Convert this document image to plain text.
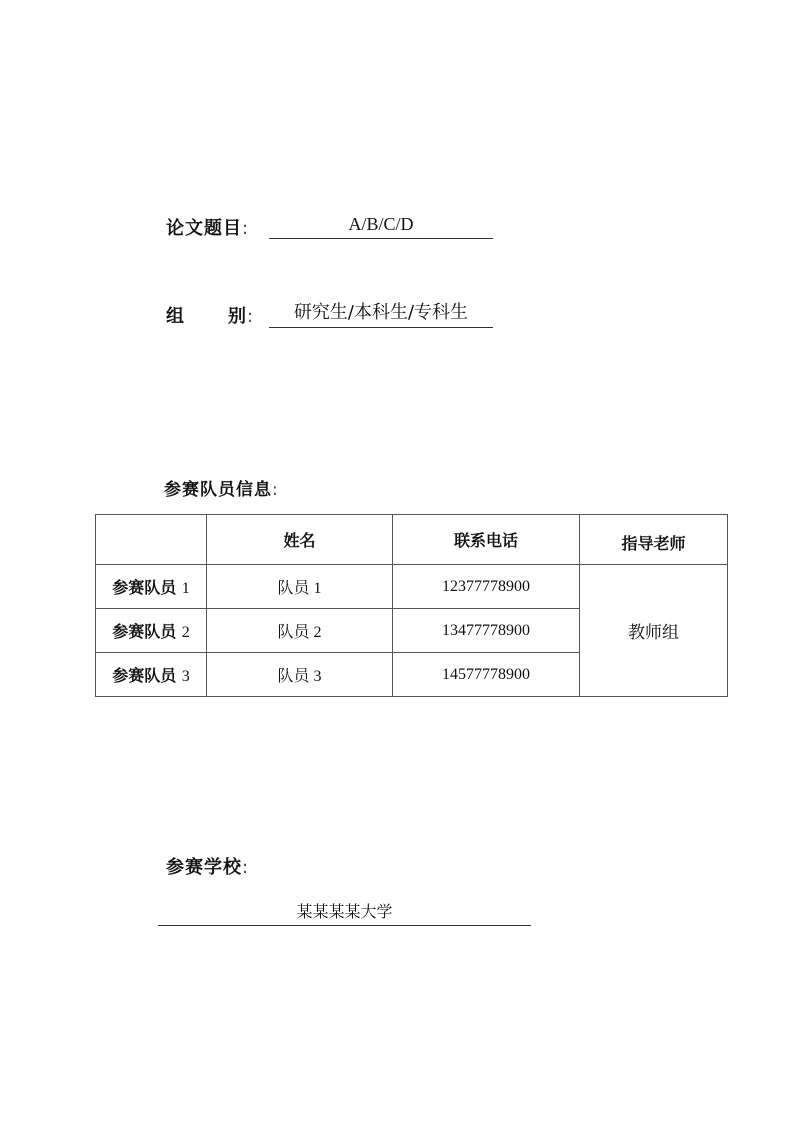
论文题目:	A/B/C/D
组 别:	研究生/本科生/专科生
参赛队员信息:
	姓名	联系电话	指导老师
参赛队员 1	队员 1	12377778900	教师组
参赛队员 2	队员 2	13477778900	
参赛队员 3	队员 3	14577778900	
参赛学校:
某某某某大学
